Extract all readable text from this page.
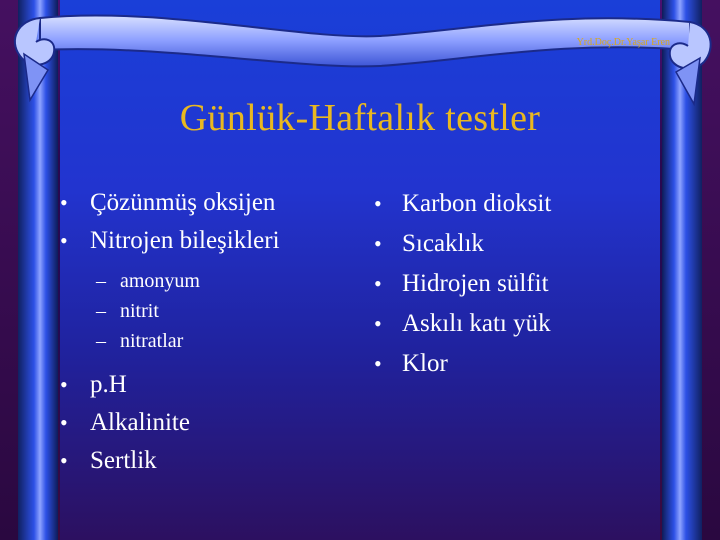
Yrd.Doç.Dr.Yaşar Eren
Günlük-Haftalık testler
• Çözünmüş oksijen
• Nitrojen bileşikleri
– amonyum
– nitrit
– nitratlar
• p.H
• Alkalinite
• Sertlik
• Karbon dioksit
• Sıcaklık
• Hidrojen sülfit
• Askılı katı yük
• Klor
